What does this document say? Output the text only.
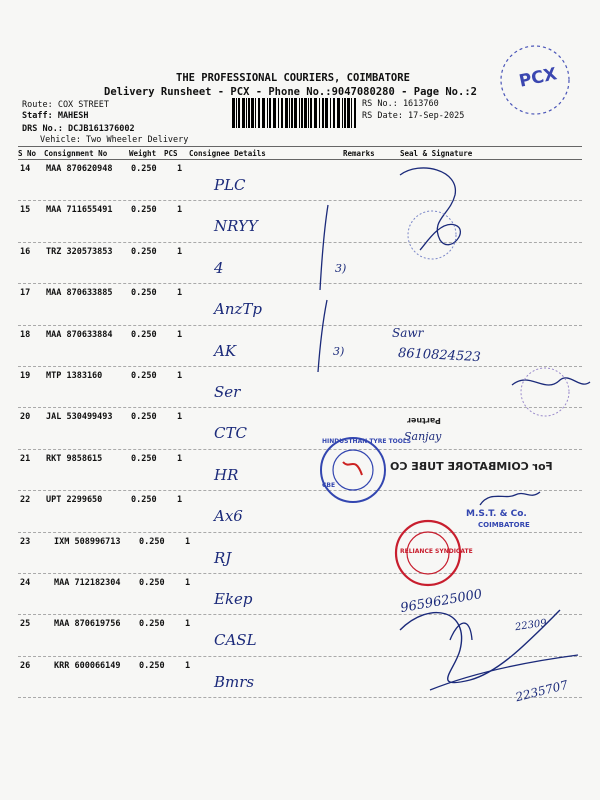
THE PROFESSIONAL COURIERS, COIMBATORE
Delivery Runsheet - PCX - Phone No.:9047080280 - Page No.:2
Route: COX STREET
Staff: MAHESH
DRS No.: DCJB161376002
Vehicle: Two Wheeler Delivery
RS No.: 1613760
RS Date: 17-Sep-2025
PCX
S No Consignment No	Weight PCS Consignee Details	Remarks	Seal & Signature
14 MAA 870620948 0.250 1
PLC
15 MAA 711655491 0.250 1
NRYY
16 TRZ 320573853 0.250 1
4
17 MAA 870633885 0.250 1
AnzTp
18 MAA 870633884 0.250 1
AK
19 MTP 1383160	0.250 1
Ser
20 JAL 530499493 0.250 1
CTC
21 RKT 9858615	0.250 1
HR
22 UPT 2299650	0.250 1
Ax6
23	IXM 508996713 0.250 1
RJ
24	MAA 712182304 0.250 1
Ekep
25	MAA 870619756 0.250 1
CASL
26	KRR 600066149 0.250 1
Bmrs
3)
3)
Sawr
8610824523
Partner
Sanjay
For COIMBATORE TUBE CO
HINDUSTHAN TYRE TOOLS
CBE
M.S.T. & Co.
COIMBATORE
RELIANCE SYNDICATE
9659625000
22309
2235707
